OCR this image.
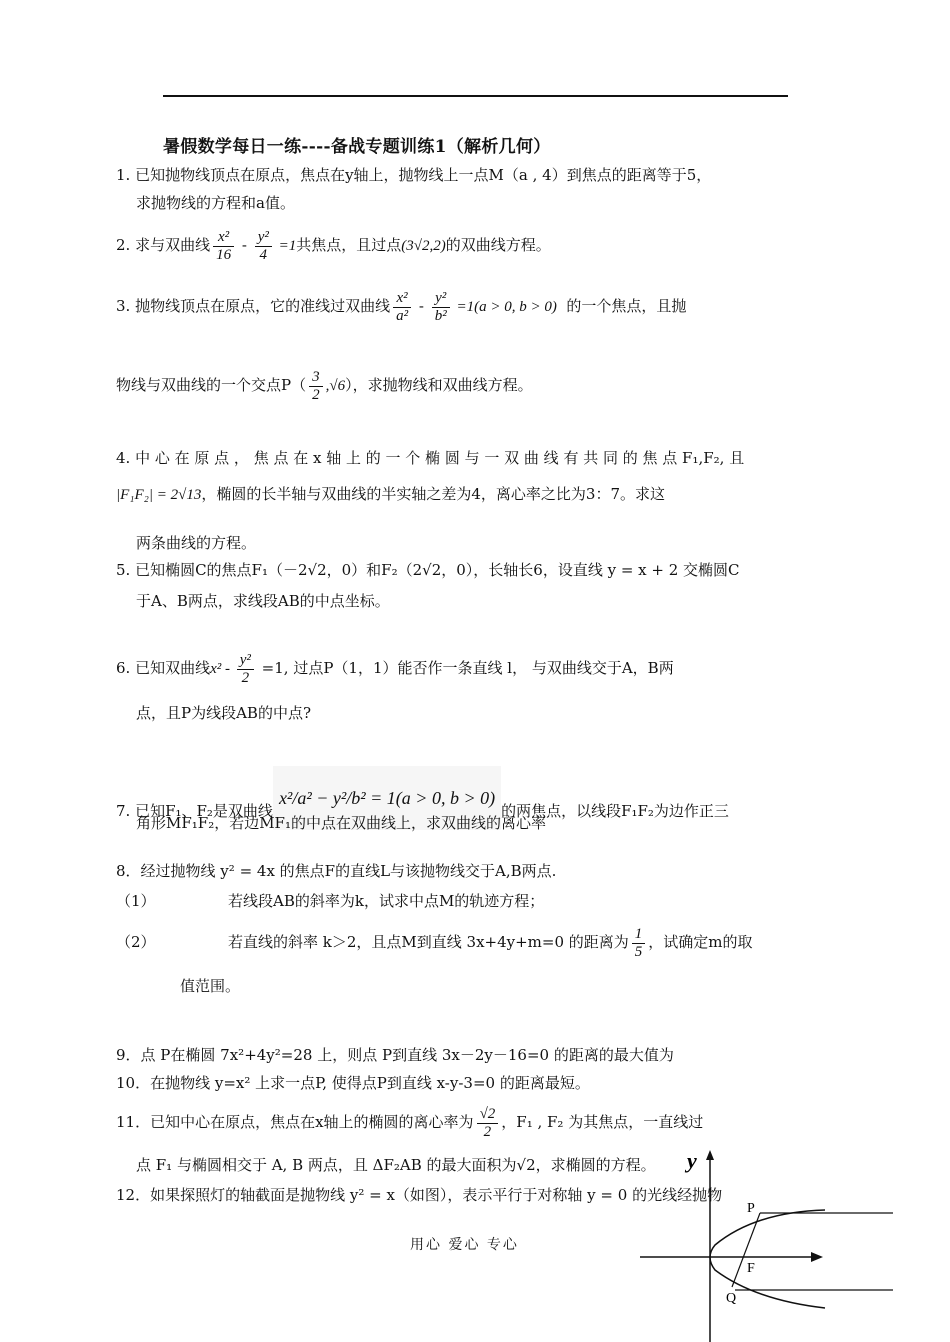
暑假数学每日一练----备战专题训练1（解析几何）
1. 已知抛物线顶点在原点，焦点在y轴上，抛物线上一点M（a , 4）到焦点的距离等于5，
求抛物线的方程和a值。
2. 求与双曲线 $\frac{\text{x²}}{16} - \frac{\text{y²}}{4} =1$共焦点，且过点(3√2,2)的双曲线方程。
3. 抛物线顶点在原点，它的准线过双曲线 $\frac{\text{x²}}{\text{a²}} - \frac{\text{y²}}{\text{b²}} =1(a > 0$, b > 0) 的一个焦点，且抛
物线与双曲线的一个交点$P( \frac{3}{2} ,√6)$，求抛物线和双曲线方程。
4. 中 心 在 原 点 ， 焦 点 在 x 轴 上 的 一 个 椭 圆 与 一 双 曲 线 有 共 同 的 焦 点 F₁,F₂, 且
|F₁F₂| = 2√13，椭圆的长半轴与双曲线的半实轴之差为4，离心率之比为3：7。求这
两条曲线的方程。
5. 已知椭圆C的焦点F₁（－2√2，0）和F₂（2√2，0），长轴长6，设直线 y = x + 2 交椭圆C
于A、B两点，求线段AB的中点坐标。
6. 已知双曲线$x^2 - \frac{\text{y²}}{2} =1$, 过点P（1，1）能否作一条直线 l， 与双曲线交于A，B两
点，且P为线段AB的中点?
7. 已知F₁、F₂是双曲线x²/a² − y²/b² = 1(a > 0, b > 0)的两焦点，以线段F₁F₂为边作正三
角形MF₁F₂，若边MF₁的中点在双曲线上，求双曲线的离心率
8．经过抛物线 y² = 4x 的焦点F的直线L与该抛物线交于A,B两点.
（1）	若线段AB的斜率为k，试求中点M的轨迹方程；
（2）	若直线的斜率 k＞2，且点M到直线 3x+4y+m=0 的距离为 $\frac{1}{5}$ ，试确定m的取
值范围。
9．点 P在椭圆 7x²+4y²=28 上，则点 P到直线 3x－2y－16=0 的距离的最大值为
10．在抛物线 y=x² 上求一点P, 使得点P到直线 x-y-3=0 的距离最短。
11．已知中心在原点，焦点在x轴上的椭圆的离心率为 $\frac{√2}{2}$ ，F₁ , F₂ 为其焦点，一直线过
点 F₁ 与椭圆相交于 A, B 两点，且 ΔF₂AB 的最大面积为√2，求椭圆的方程。
12．如果探照灯的轴截面是抛物线 y² = x（如图），表示平行于对称轴 y = 0 的光线经抛物
用心 爱心 专心
y
P
F
Q
